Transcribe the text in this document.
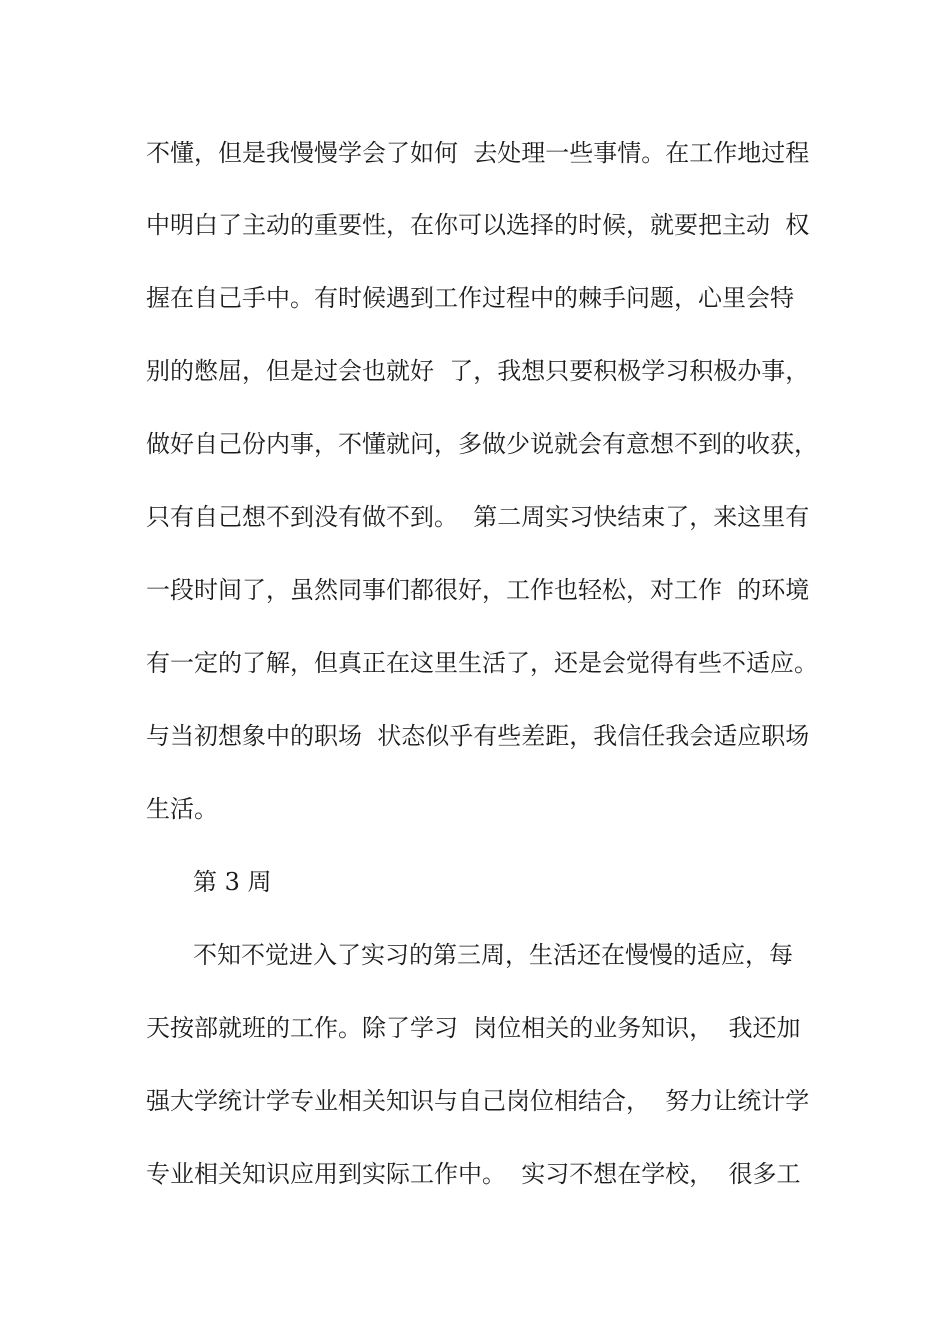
不懂，但是我慢慢学会了如何  去处理一些事情。在工作地过程

中明白了主动的重要性，在你可以选择的时候，就要把主动  权

握在自己手中。有时候遇到工作过程中的棘手问题，心里会特

别的憋屈，但是过会也就好  了，我想只要积极学习积极办事，

做好自己份内事，不懂就问，多做少说就会有意想不到的收获，

只有自己想不到没有做不到。  第二周实习快结束了，来这里有

一段时间了，虽然同事们都很好，工作也轻松，对工作  的环境

有一定的了解，但真正在这里生活了，还是会觉得有些不适应。

与当初想象中的职场  状态似乎有些差距，我信任我会适应职场

生活。

第 3 周

不知不觉进入了实习的第三周，生活还在慢慢的适应，每

天按部就班的工作。除了学习  岗位相关的业务知识，  我还加

强大学统计学专业相关知识与自己岗位相结合，  努力让统计学

专业相关知识应用到实际工作中。  实习不想在学校，  很多工
